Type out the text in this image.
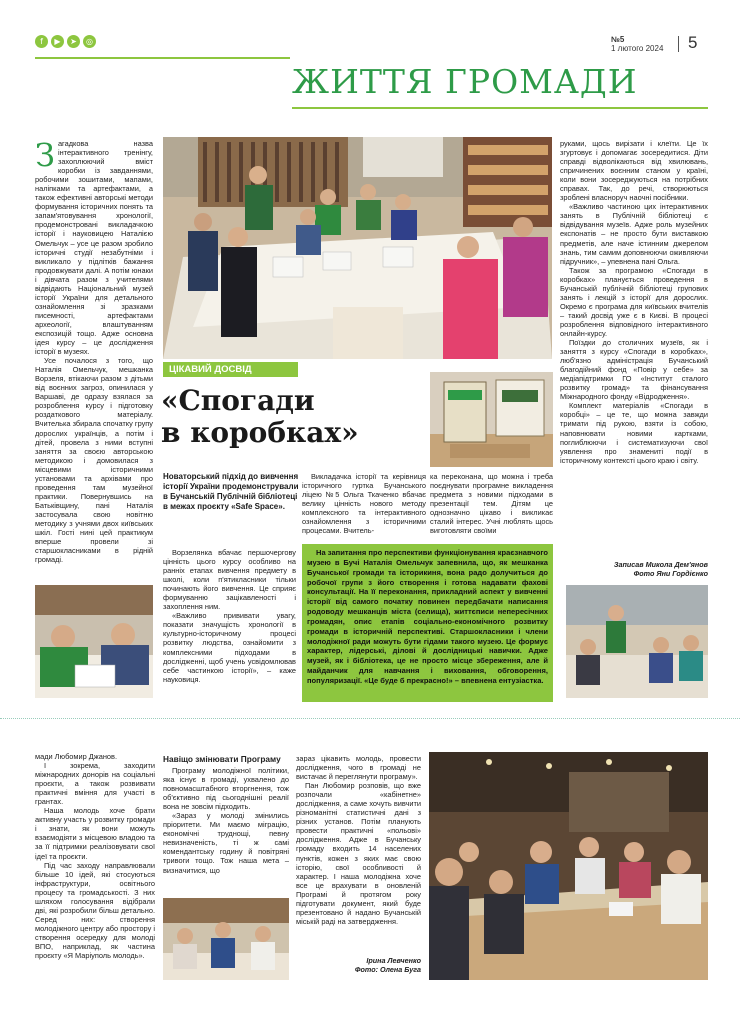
f	▶	➤	◎	№5
1 лютого 2024 5
ЖИТТЯ ГРОМАДИ

Загадкова назва інтерактивного тренінгу, захоплюючий вміст коробки із завданнями, робочими зошитами, мапами, наліпками та артефактами, а також ефективні авторські методи формування історичних понять та запам'ятовування хронології, продемонстровані викладачкою історії і науковицею Наталією Омельчук – усе це разом зробило історичні студії незабутніми і викликало у підлітків бажання продовжувати далі. А потім юнаки і дівчата разом з учителями відвідають Національний музей історії України для детального ознайомлення зі зразками писемності, артефактами археології, влаштуванням експозицій тощо. Адже основна ідея курсу – це дослідження історії в музеях.

Усе почалося з того, що Наталія Омельчук, мешканка Ворзеля, втікаючи разом з дітьми від воєнних загроз, опинилася у Варшаві, де одразу взялася за розроблення курсу і підготовку роздаткового матеріалу. Вчителька збирала спочатку групу дорослих українців, а потім і дітей, провела з ними вступні заняття за своєю авторською методикою і домовилася з місцевими історичними установами та архівами про проведення там музейної практики. Повернувшись на Батьківщину, пані Наталія застосувала свою новітню методику з учнями двох київських шкіл. Гості нині цей практикум вперше провели зі старшокласниками в рідній громаді.

ЦІКАВИЙ ДОСВІД
«Спогади
в коробках»
Новаторський підхід до вивчення історії України продемонстрували в Бучанській Публічній бібліотеці в межах проєкту «Safe Space».

Ворзелянка вбачає першочергову цінність цього курсу особливо на ранніх етапах вивчення предмету в школі, коли п'ятикласники тільки починають його вивчення. Це сприяє формуванню зацікавленості і захоплення ним.

«Важливо прививати увагу, показати значущість хронології в культурно-історичному процесі розвитку людства, ознайомити з комплексними підходами в дослідженні, щоб учень усвідомлював себе частинкою історії», – каже науковиця.

Викладачка історії та керівниця історичного гуртка Бучанського ліцею №5 Ольга Ткаченко вбачає велику цінність нового методу комплексного та інтерактивного ознайомлення з історичними процесами. Вчитель-

ка переконана, що можна і треба поєднувати програмне викладення предмета з новими підходами в презентації тем. Дітям це однозначно цікаво і викликає сталий інтерес. Учні люблять щось виготовляти своїми

руками, щось вирізати і клеїти. Це їх згуртовує і допомагає зосередитися. Діти справді відволікаються від хвилювань, спричинених воєнним станом у країні, коли вони зосереджуються на потрібних справах. Так, до речі, створюються зроблені власноруч наочні посібники.

«Важливо частиною цих інтерактивних занять в Публічній бібліотеці є відвідування музеїв. Адже роль музейних експонатів – не просто бути виставкою предметів, але наче істинним джерелом знань, тим самим доповнюючи оживляючи підручник», – упевнена пані Ольга.

Також за програмою «Спогади в коробках» планується проведення в Бучанській публічній бібліотеці групових занять і лекцій з історії для дорослих. Окремо є програма для київських вчителів – такий досвід уже є в Києві. В процесі розроблення відповідного інтерактивного онлайн-курсу.

Поїздки до столичних музеїв, як і заняття з курсу «Спогади в коробках», люб'язно адміністрація Бучанський благодійний фонд «Повір у себе» за медіапідтримки ГО «Інститут сталого розвитку громад» та фінансування Міжнародного фонду «Відродження».

Комплект матеріалів «Спогади в коробці» – це те, що можна завжди тримати під рукою, взяти із собою, наповнювати новими картками, поглиблюючи і систематизуючи свої уявлення про знамениті події в історичному контексті цього краю і світу.

Записав Микола Дем'янов
Фото Яни Гордієнко

На запитання про перспективи функціонування краєзнавчого музею в Бучі Наталія Омельчук запевнила, що, як мешканка Бучанської громади та історикиня, вона радо долучиться до робочої групи з його створення і готова надавати фахові консультації. На її переконання, прикладний аспект у вивченні історії від самого початку повинен передбачати написання родоводу мешканців міста (селища), життєписи непересічних громадян, опис етапів соціально-економічного розвитку громади в історичній перспективі. Старшокласники і члени молодіжної ради можуть бути гідами такого музею. Це формує характер, лідерські, ділові й дослідницькі навички. Адже музей, як і бібліотека, це не просто місце збереження, але й майданчик для навчання і виховання, обговорення, популяризації. «Це буде б прекрасно!» – впевнена ентузіастка.

мади Любомир Джанов.

І зокрема, заходити міжнародних донорів на соціальні проєкти, а також розвивати практичні вміння для участі в грантах.

Наша молодь хоче брати активну участь у розвитку громади і знати, як вони можуть взаємодіяти з місцевою владою та за її підтримки реалізовувати свої ідеї та проєкти.

Під час заходу направлювали більше 10 ідей, які стосуються інфраструктури, освітнього процесу та громадськості. З них шляхом голосування відібрали дві, які розробили більш детально. Серед них: створення молодіжного центру або простору і створення осередку для молоді ВПО, наприклад, як частина проєкту «Я Маріуполь молодь».

Навіщо змінювати Програму

Програму молодіжної політики, яка існує в громаді, ухвалено до повномасштабного вторгнення, тож об'єктивно під сьогоднішні реалії вона не зовсім підходить.

«Зараз у молоді змінились пріоритети. Ми маємо міграцію, економічні труднощі, певну невизначеність, ті ж самі комендантську годину й повітряні тривоги тощо. Тож наша мета – визначитися, що

зараз цікавить молодь, провести дослідження, чого в громаді не вистачає й переглянути програму».

Пан Любомир розповів, що вже розпочали «кабінетне» дослідження, а саме хочуть вивчити різноманітні статистичні дані з різних установ. Потім планують провести практичні «польові» дослідження. Адже в Бучанську громаду входить 14 населених пунктів, кожен з яких має свою історію, свої особливості й характер. І наша молодіжна хоче все це врахувати в оновленій Програмі й протягом року підготувати документ, який буде презентовано й надано Бучанській міській раді на затвердження.

Ірина Левченко
Фото: Олена Буга
